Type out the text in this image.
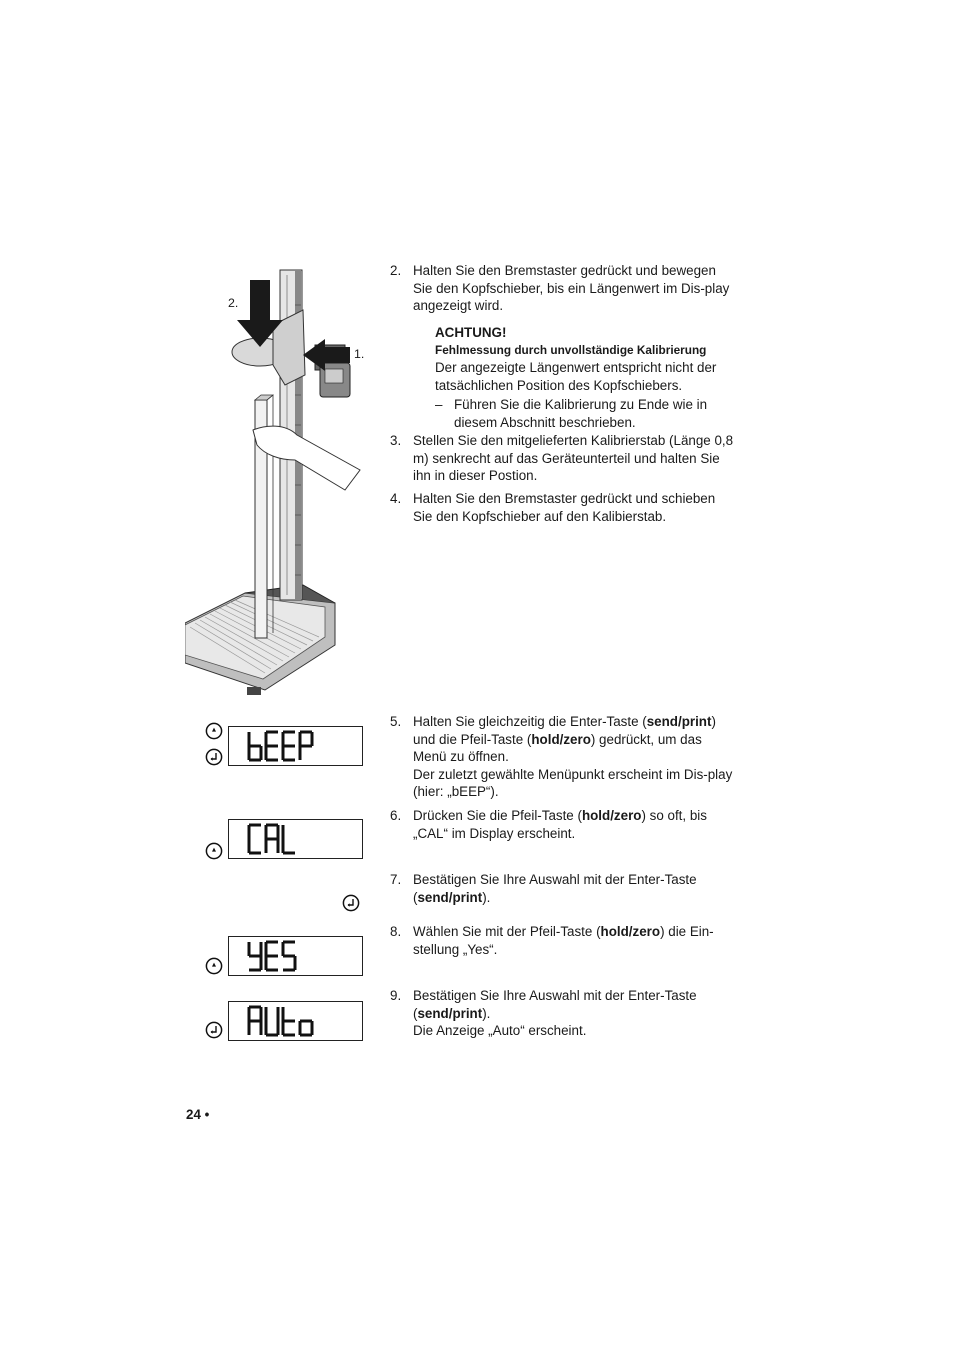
2.
1.
2. Halten Sie den Bremstaster gedrückt und bewegen Sie den Kopfschieber, bis ein Längenwert im Dis-play angezeigt wird.
ACHTUNG!
Fehlmessung durch unvollständige Kalibrierung
Der angezeigte Längenwert entspricht nicht der tatsächlichen Position des Kopfschiebers.
– Führen Sie die Kalibrierung zu Ende wie in diesem Abschnitt beschrieben.
3. Stellen Sie den mitgelieferten Kalibrierstab (Länge 0,8 m) senkrecht auf das Geräteunterteil und halten Sie ihn in dieser Postion.
4. Halten Sie den Bremstaster gedrückt und schieben Sie den Kopfschieber auf den Kalibierstab.
5. Halten Sie gleichzeitig die Enter-Taste (send/print) und die Pfeil-Taste (hold/zero) gedrückt, um das Menü zu öffnen.
Der zuletzt gewählte Menüpunkt erscheint im Dis-play (hier: „bEEP“).
6. Drücken Sie die Pfeil-Taste (hold/zero) so oft, bis „CAL“ im Display erscheint.
7. Bestätigen Sie Ihre Auswahl mit der Enter-Taste (send/print).
8. Wählen Sie mit der Pfeil-Taste (hold/zero) die Ein-stellung „Yes“.
9. Bestätigen Sie Ihre Auswahl mit der Enter-Taste (send/print).
Die Anzeige „Auto“ erscheint.
24 •
